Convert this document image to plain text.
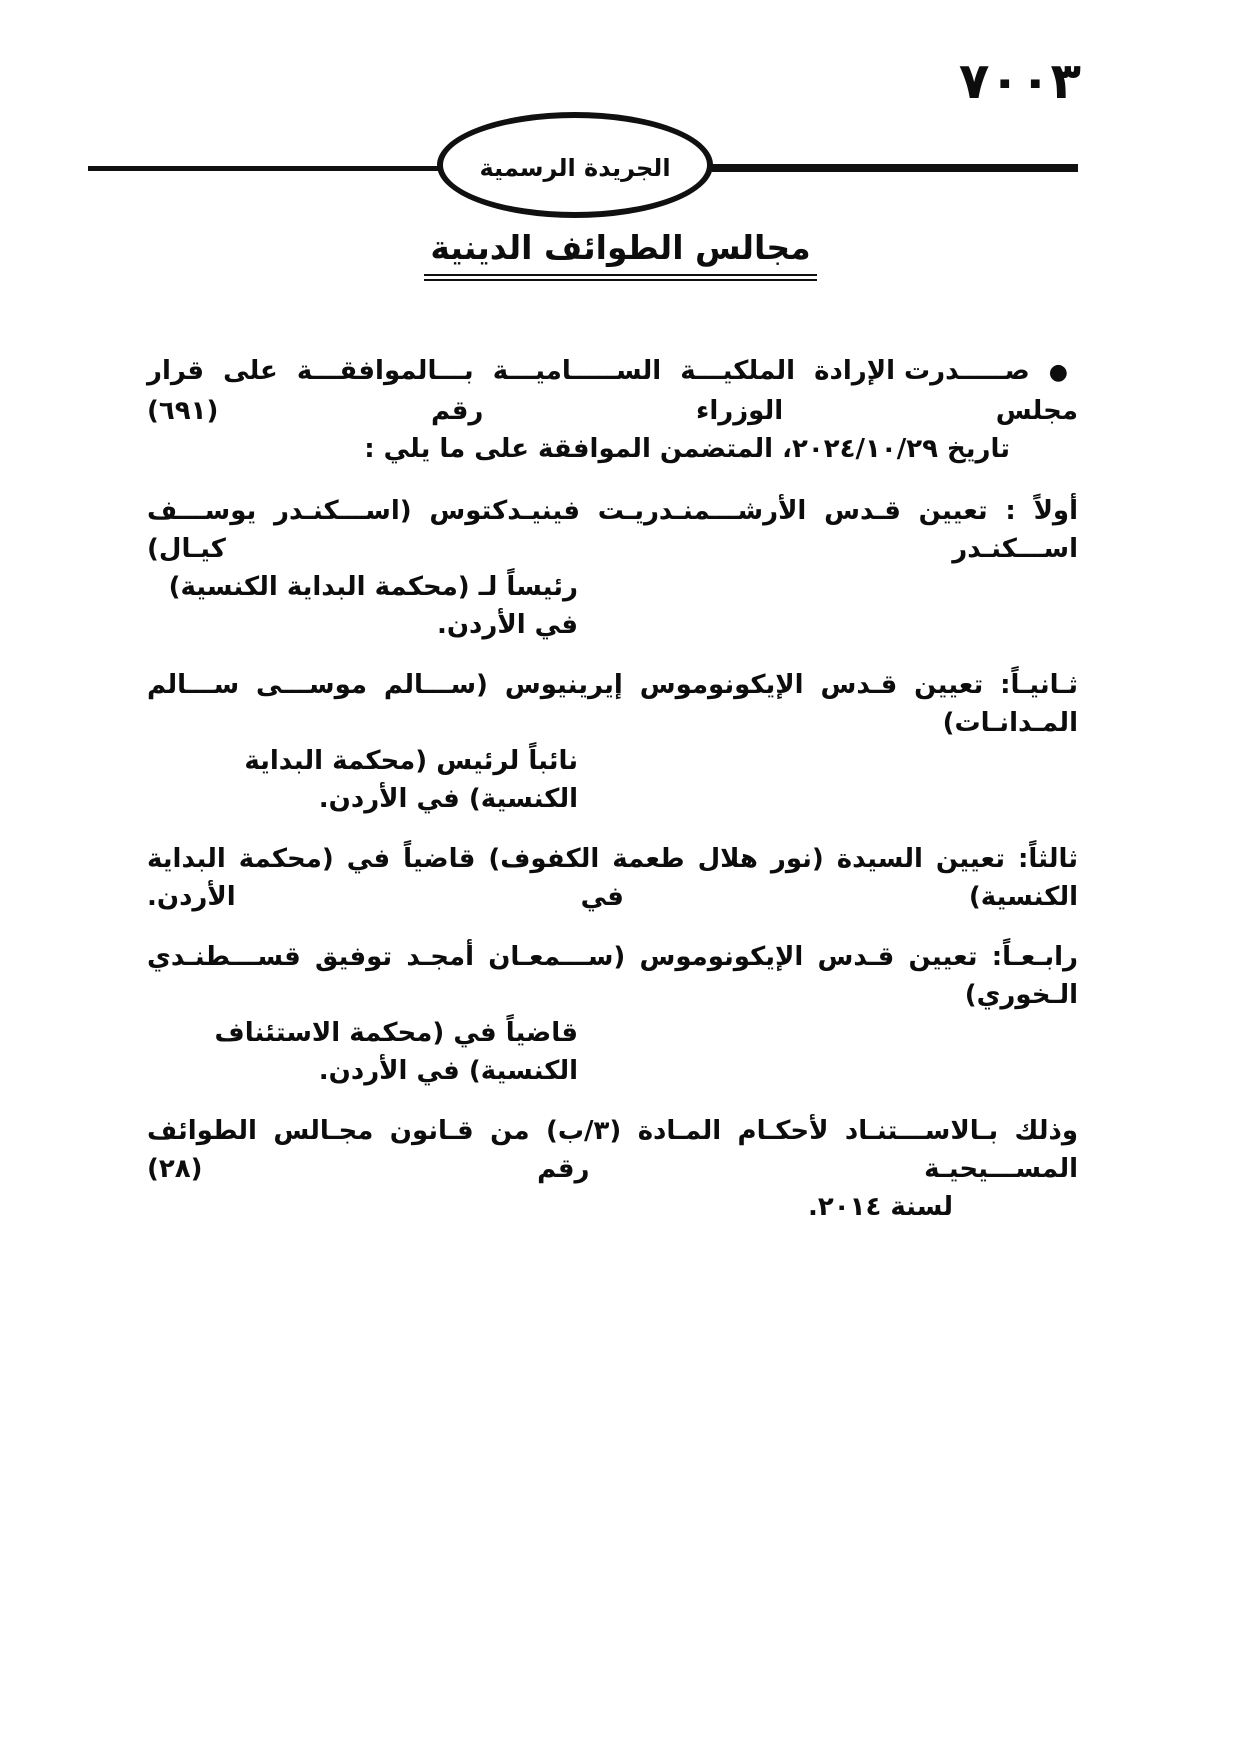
٧٠٠٣
الجريدة الرسمية
مجالس الطوائف الدينية
● صـــــدرت الإرادة الملكيـــة الســـــاميـــة بـــالموافقـــة على قرار مجلس الوزراء رقم (٦٩١)
تاريخ ٢٠٢٤/١٠/٢٩، المتضمن الموافقة على ما يلي :
أولاً : تعيين قـدس الأرشـــمنـدريـت فينيـدكتوس (اســـكنـدر يوســـف اســـكنـدر كيـال)
رئيساً لـ (محكمة البداية الكنسية) في الأردن.
ثـانيـاً: تعيين قـدس الإيكونوموس إيرينيوس (ســـالم موســـى ســـالم المـدانـات)
نائباً لرئيس (محكمة البداية الكنسية) في الأردن.
ثالثاً: تعيين السيدة (نور هلال طعمة الكفوف) قاضياً في (محكمة البداية الكنسية) في الأردن.
رابـعـاً: تعيين قـدس الإيكونوموس (ســـمعـان أمجـد توفيق قســـطنـدي الـخوري)
قاضياً في (محكمة الاستئناف الكنسية) في الأردن.
وذلك بـالاســـتنـاد لأحكـام المـادة (٣/ب) من قـانون مجـالس الطوائف المســـيحيـة رقم (٢٨)
لسنة ٢٠١٤.
